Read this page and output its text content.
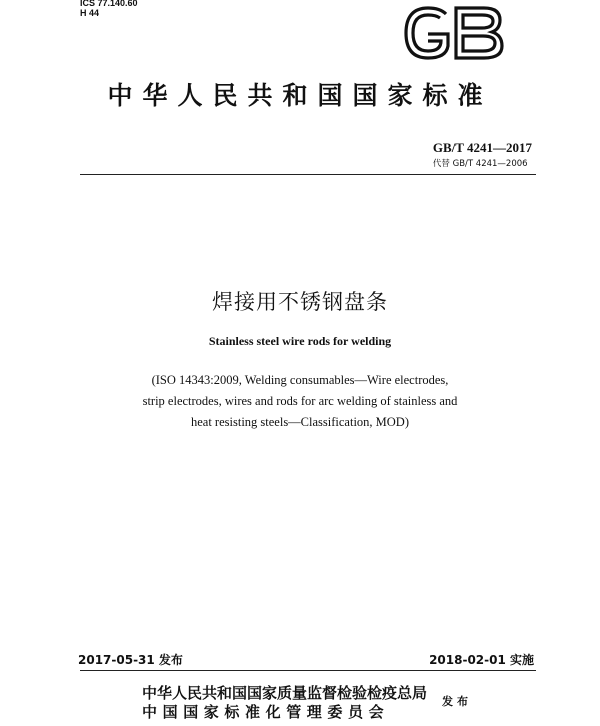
ICS 77.140.60
H 44
中华人民共和国国家标准
GB/T 4241—2017
代替 GB/T 4241—2006
焊接用不锈钢盘条
Stainless steel wire rods for welding
(ISO 14343:2009, Welding consumables—Wire electrodes,
strip electrodes, wires and rods for arc welding of stainless and
heat resisting steels—Classification, MOD)
2017-05-31 发布	2018-02-01 实施
中华人民共和国国家质量监督检验检疫总局
中国国家标准化管理委员会
发布
